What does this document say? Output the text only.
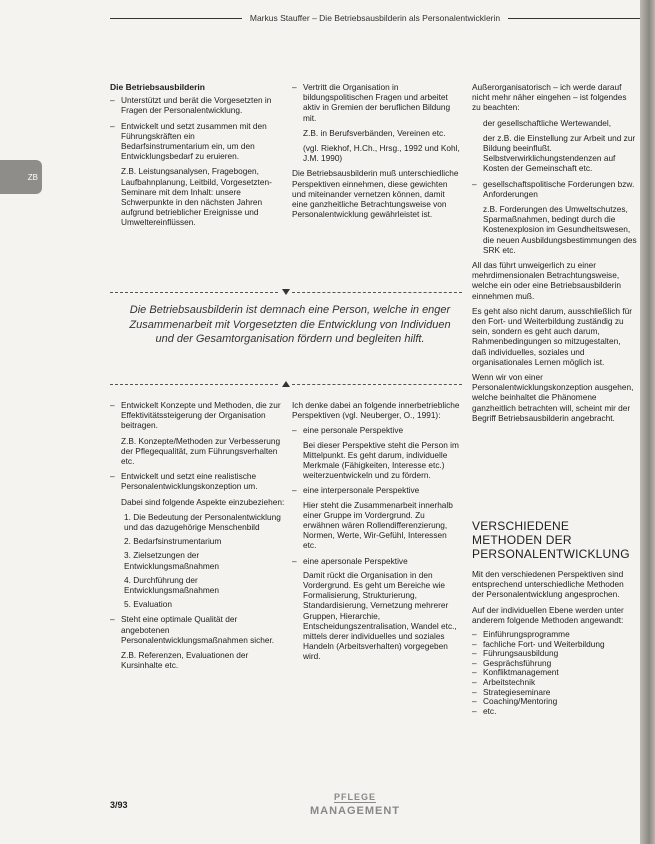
Markus Stauffer – Die Betriebsausbilderin als Personalentwicklerin
ZB
Die Betriebsausbilderin
– Unterstützt und berät die Vorgesetzten in Fragen der Personalentwicklung.
– Entwickelt und setzt zusammen mit den Führungskräften ein Bedarfsinstrumentarium ein, um den Entwicklungsbedarf zu eruieren.

Z.B. Leistungsanalysen, Fragebogen, Laufbahnplanung, Leitbild, Vorgesetzten-Seminare mit dem Inhalt: unsere Schwerpunkte in den nächsten Jahren aufgrund betrieblicher Ereignisse und Umweltereinflüssen.

– Vertritt die Organisation in bildungspolitischen Fragen und arbeitet aktiv in Gremien der beruflichen Bildung mit.

Z.B. in Berufsverbänden, Vereinen etc.

(vgl. Riekhof, H.Ch., Hrsg., 1992 und Kohl, J.M. 1990)

Die Betriebsausbilderin muß unterschiedliche Perspektiven einnehmen, diese gewichten und miteinander vernetzen können, damit eine ganzheitliche Betrachtungsweise von Personalentwicklung gewährleistet ist.

Außerorganisatorisch – ich werde darauf nicht mehr näher eingehen – ist folgendes zu beachten:

der gesellschaftliche Wertewandel,
der z.B. die Einstellung zur Arbeit und zur Bildung beeinflußt. Selbstverwirklichungstendenzen auf Kosten der Gemeinschaft etc.
– gesellschaftspolitische Forderungen bzw. Anforderungen

z.B. Forderungen des Umweltschutzes, Sparmaßnahmen, bedingt durch die Kostenexplosion im Gesundheitswesen, die neuen Ausbildungsbestimmungen des SRK etc.

All das führt unweigerlich zu einer mehrdimensionalen Betrachtungsweise, welche ein oder eine Betriebsausbilderin einnehmen muß.

Es geht also nicht darum, ausschließlich für den Fort- und Weiterbildung zuständig zu sein, sondern es geht auch darum, Rahmenbedingungen so mitzugestalten, daß individuelles, soziales und organisationales Lernen möglich ist.

Wenn wir von einer Personalentwicklungskonzeption ausgehen, welche beinhaltet die Phänomene ganzheitlich betrachten will, scheint mir der Begriff Betriebsausbilderin angebracht.

Die Betriebsausbilderin ist demnach eine Person, welche in enger Zusammenarbeit mit Vorgesetzten die Entwicklung von Individuen und der Gesamtorganisation fördern und begleiten hilft.
– Entwickelt Konzepte und Methoden, die zur Effektivitätssteigerung der Organisation beitragen.

Z.B. Konzepte/Methoden zur Verbesserung der Pflegequalität, zum Führungsverhalten etc.

– Entwickelt und setzt eine realistische Personalentwicklungskonzeption um.

Dabei sind folgende Aspekte einzubeziehen:

1. Die Bedeutung der Personalentwicklung und das dazugehörige Menschenbild
2. Bedarfsinstrumentarium
3. Zielsetzungen der Entwicklungsmaßnahmen
4. Durchführung der Entwicklungsmaßnahmen
5. Evaluation
– Steht eine optimale Qualität der angebotenen Personalentwicklungsmaßnahmen sicher.

Z.B. Referenzen, Evaluationen der Kursinhalte etc.

Ich denke dabei an folgende innerbetriebliche Perspektiven (vgl. Neuberger, O., 1991):

– eine personale Perspektive
Bei dieser Perspektive steht die Person im Mittelpunkt. Es geht darum, individuelle Merkmale (Fähigkeiten, Interesse etc.) weiterzuentwickeln und zu fördern.
– eine interpersonale Perspektive
Hier steht die Zusammenarbeit innerhalb einer Gruppe im Vordergrund. Zu erwähnen wären Rollendifferenzierung, Normen, Werte, Wir-Gefühl, Interessen etc.
– eine apersonale Perspektive
Damit rückt die Organisation in den Vordergrund. Es geht um Bereiche wie Formalisierung, Strukturierung, Standardisierung, Vernetzung mehrerer Gruppen, Hierarchie, Entscheidungszentralisation, Wandel etc., mittels derer individuelles und soziales Handeln (Arbeitsverhalten) vorgegeben wird.
VERSCHIEDENE METHODEN DER PERSONALENTWICKLUNG

Mit den verschiedenen Perspektiven sind entsprechend unterschiedliche Methoden der Personalentwicklung angesprochen.

Auf der individuellen Ebene werden unter anderem folgende Methoden angewandt:

– Einführungsprogramme
– fachliche Fort- und Weiterbildung
– Führungsausbildung
– Gesprächsführung
– Konfliktmanagement
– Arbeitstechnik
– Strategieseminare
– Coaching/Mentoring
– etc.
3/93
PFLEGE
MANAGEMENT
